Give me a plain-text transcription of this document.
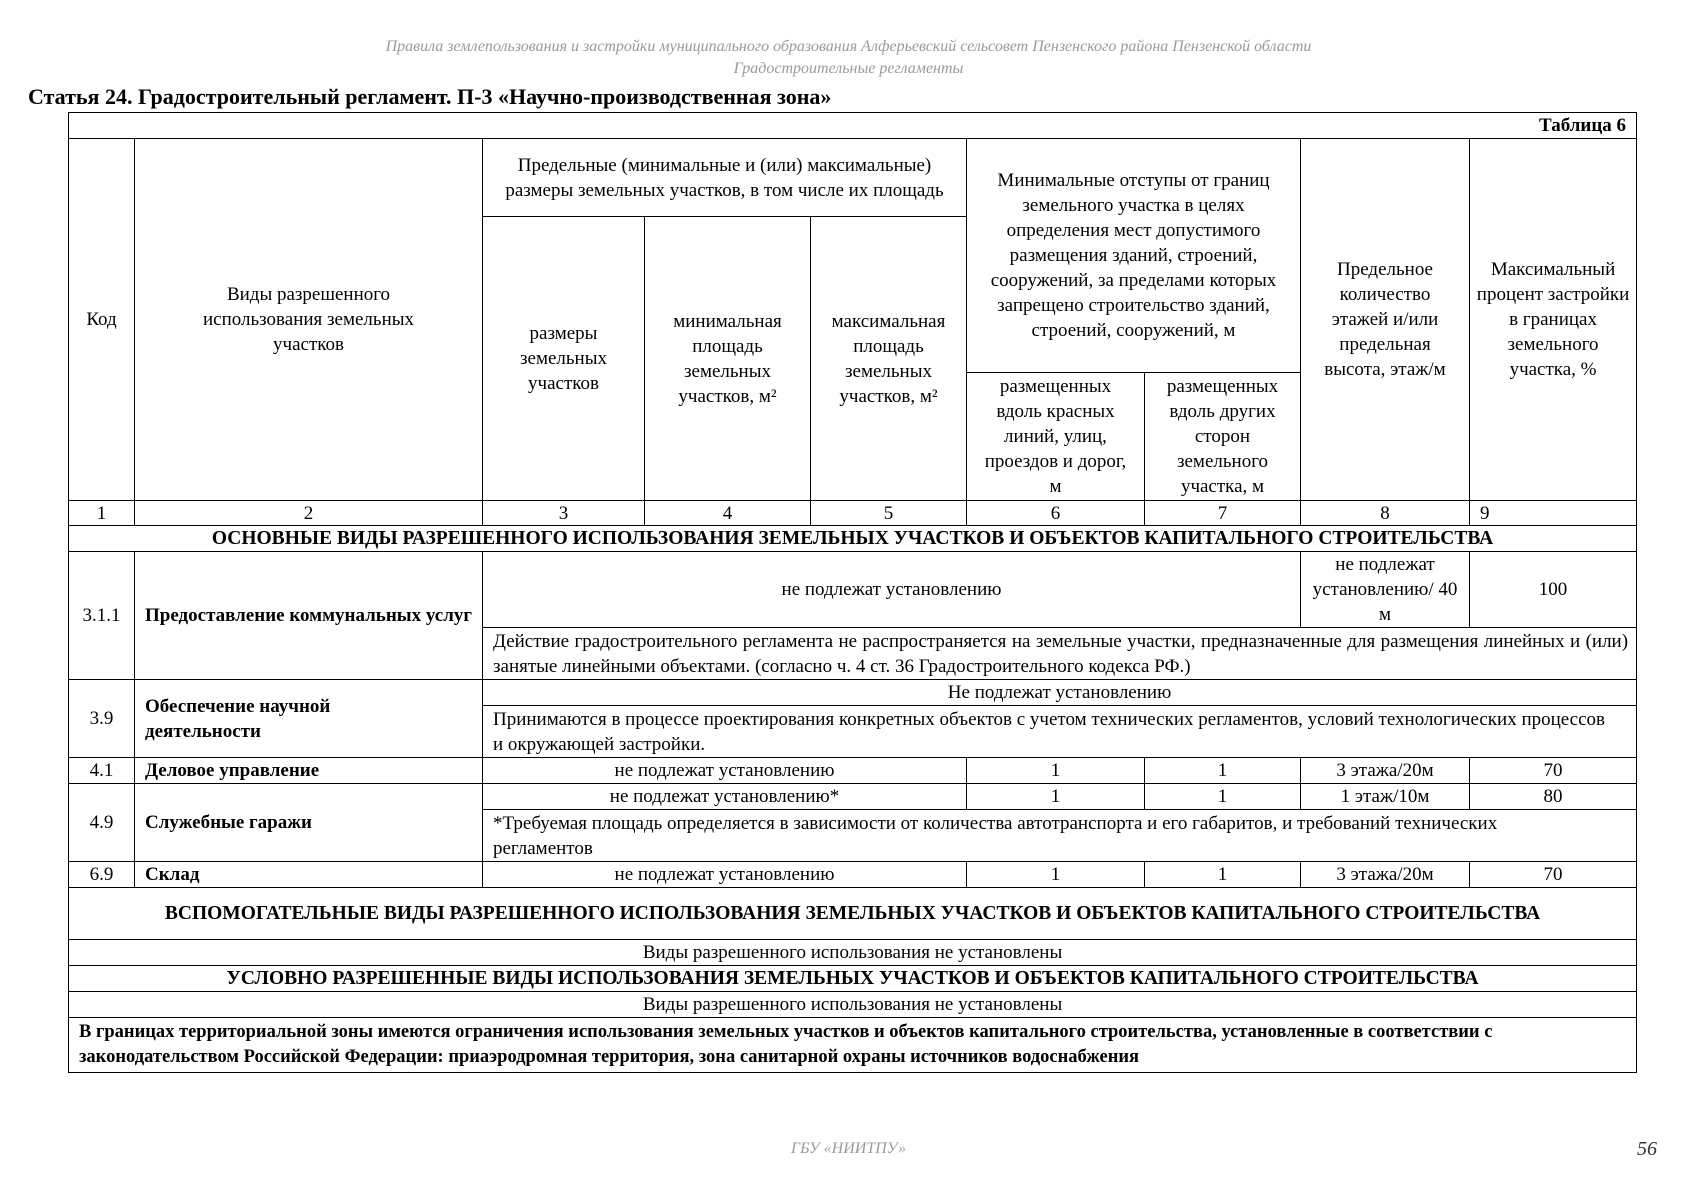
Правила землепользования и застройки муниципального образования Алферьевский сельсовет Пензенского района Пензенской области
Градостроительные регламенты
Статья 24. Градостроительный регламент. П-3 «Научно-производственная зона»
Таблица 6								
Код	Виды разрешенного использования земельных участков	Предельные (минимальные и (или) максимальные) размеры земельных участков, в том числе их площадь			Минимальные отступы от границ земельного участка в целях определения мест допустимого размещения зданий, строений, сооружений, за пределами которых запрещено строительство зданий, строений, сооружений, м		Предельное количество этажей и/или предельная высота, этаж/м	Максимальный процент застройки в границах земельного участка, %
		размеры земельных участков	минимальная площадь земельных участков, м²	максимальная площадь земельных участков, м²				
					размещенных вдоль красных линий, улиц, проездов и дорог, м	размещенных вдоль других сторон земельного участка, м		
1	2	3	4	5	6	7	8	9
ОСНОВНЫЕ ВИДЫ РАЗРЕШЕННОГО ИСПОЛЬЗОВАНИЯ ЗЕМЕЛЬНЫХ УЧАСТКОВ И ОБЪЕКТОВ КАПИТАЛЬНОГО СТРОИТЕЛЬСТВА								
3.1.1	Предоставление коммунальных услуг	не подлежат установлению					не подлежат установлению/ 40 м	100
		Действие градостроительного регламента не распространяется на земельные участки, предназначенные для размещения линейных и (или) занятые линейными объектами. (согласно ч. 4 ст. 36 Градостроительного кодекса РФ.)						
3.9	Обеспечение научной деятельности	Не подлежат установлению						
		Принимаются в процессе проектирования конкретных объектов с учетом технических регламентов, условий технологических процессов и окружающей застройки.						
4.1	Деловое управление	не подлежат установлению			1	1	3 этажа/20м	70
4.9	Служебные гаражи	не подлежат установлению*			1	1	1 этаж/10м	80
		*Требуемая площадь определяется в зависимости от количества автотранспорта и его габаритов, и требований технических регламентов						
6.9	Склад	не подлежат установлению			1	1	3 этажа/20м	70
ВСПОМОГАТЕЛЬНЫЕ ВИДЫ РАЗРЕШЕННОГО ИСПОЛЬЗОВАНИЯ ЗЕМЕЛЬНЫХ УЧАСТКОВ И ОБЪЕКТОВ КАПИТАЛЬНОГО СТРОИТЕЛЬСТВА								
Виды разрешенного использования не установлены								
УСЛОВНО РАЗРЕШЕННЫЕ ВИДЫ ИСПОЛЬЗОВАНИЯ ЗЕМЕЛЬНЫХ УЧАСТКОВ И ОБЪЕКТОВ КАПИТАЛЬНОГО СТРОИТЕЛЬСТВА								
Виды разрешенного использования не установлены								
В границах территориальной зоны имеются ограничения использования земельных участков и объектов капитального строительства, установленные в соответствии с законодательством Российской Федерации: приаэродромная территория, зона санитарной охраны источников водоснабжения								
ГБУ «НИИТПУ»	56
